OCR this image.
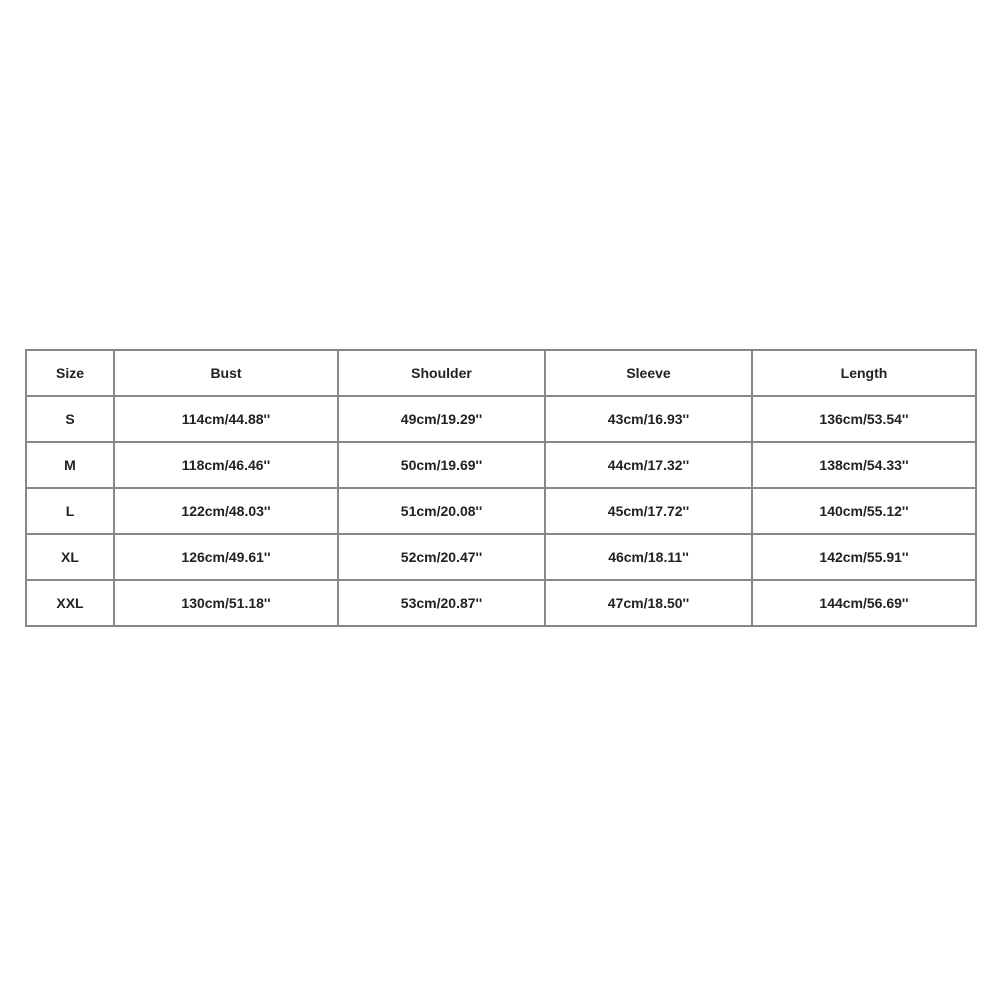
Size	Bust	Shoulder	Sleeve	Length
S	114cm/44.88''	49cm/19.29''	43cm/16.93''	136cm/53.54''
M	118cm/46.46''	50cm/19.69''	44cm/17.32''	138cm/54.33''
L	122cm/48.03''	51cm/20.08''	45cm/17.72''	140cm/55.12''
XL	126cm/49.61''	52cm/20.47''	46cm/18.11''	142cm/55.91''
XXL	130cm/51.18''	53cm/20.87''	47cm/18.50''	144cm/56.69''
